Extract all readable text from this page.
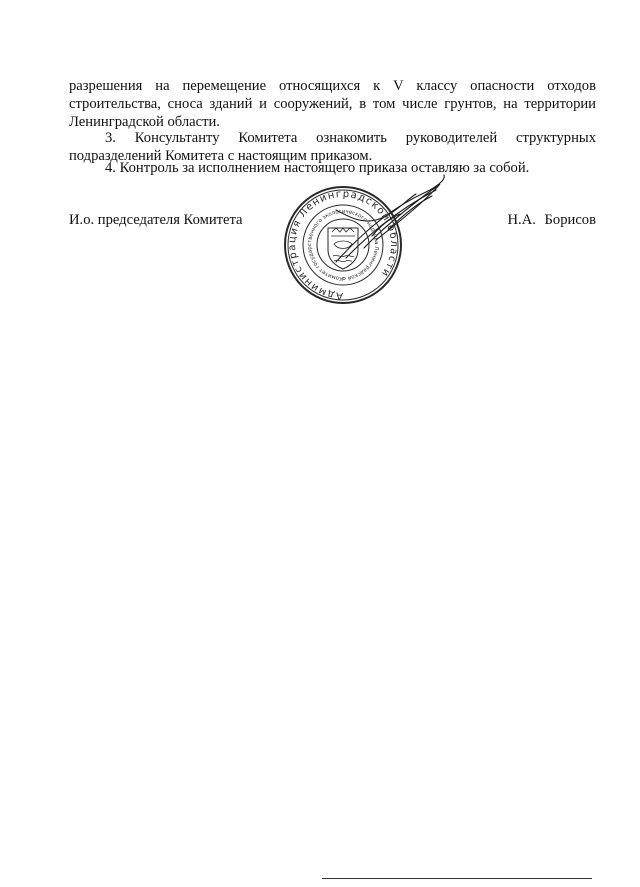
разрешения на перемещение относящихся к V классу опасности отходов строительства, сноса зданий и сооружений, в том числе грунтов, на территории Ленинградской области.

3. Консультанту Комитета ознакомить руководителей структурных подразделений Комитета с настоящим приказом.

4. Контроль за исполнением настоящего приказа оставляю за собой.

И.о. председателя Комитета	Н.А. Борисов
Администрация Ленинградской области
Комитет государственного экологического надзора Ленинградской о
